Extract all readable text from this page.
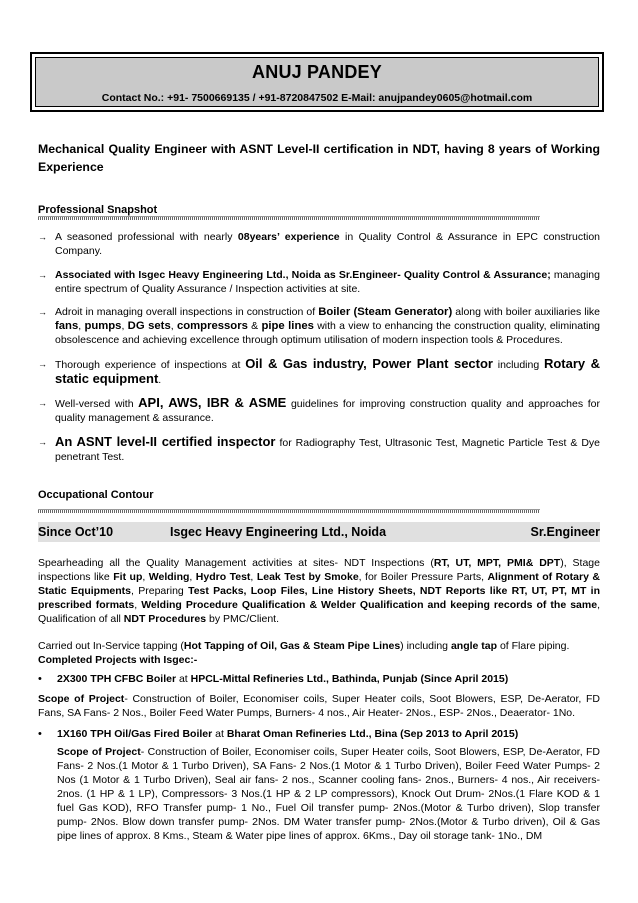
ANUJ PANDEY
Contact No.: +91- 7500669135 / +91-8720847502 E-Mail: anujpandey0605@hotmail.com
Mechanical Quality Engineer with ASNT Level-II certification in NDT, having 8 years of Working Experience
Professional Snapshot
→ A seasoned professional with nearly 08years’ experience in Quality Control & Assurance in EPC construction Company.
→ Associated with Isgec Heavy Engineering Ltd., Noida as Sr.Engineer- Quality Control & Assurance; managing entire spectrum of Quality Assurance / Inspection activities at site.
→ Adroit in managing overall inspections in construction of Boiler (Steam Generator) along with boiler auxiliaries like fans, pumps, DG sets, compressors & pipe lines with a view to enhancing the construction quality, eliminating obsolescence and achieving excellence through optimum utilisation of modern inspection tools & Procedures.
→ Thorough experience of inspections at Oil & Gas industry, Power Plant sector including Rotary & static equipment.
→ Well-versed with API, AWS, IBR & ASME guidelines for improving construction quality and approaches for quality management & assurance.
→ An ASNT level-II certified inspector for Radiography Test, Ultrasonic Test, Magnetic Particle Test & Dye penetrant Test.
Occupational Contour
Since Oct’10	Isgec Heavy Engineering Ltd., Noida	Sr.Engineer
Spearheading all the Quality Management activities at sites- NDT Inspections (RT, UT, MPT, PMI& DPT), Stage inspections like Fit up, Welding, Hydro Test, Leak Test by Smoke, for Boiler Pressure Parts, Alignment of Rotary & Static Equipments, Preparing Test Packs, Loop Files, Line History Sheets, NDT Reports like RT, UT, PT, MT in prescribed formats, Welding Procedure Qualification & Welder Qualification and keeping records of the same, Qualification of all NDT Procedures by PMC/Client.
Carried out In-Service tapping (Hot Tapping of Oil, Gas & Steam Pipe Lines) including angle tap of Flare piping.
Completed Projects with Isgec:-
• 2X300 TPH CFBC Boiler at HPCL-Mittal Refineries Ltd., Bathinda, Punjab (Since April 2015)
Scope of Project- Construction of Boiler, Economiser coils, Super Heater coils, Soot Blowers, ESP, De-Aerator, FD Fans, SA Fans- 2 Nos., Boiler Feed Water Pumps, Burners- 4 nos., Air Heater- 2Nos., ESP- 2Nos., Deaerator- 1No.
• 1X160 TPH Oil/Gas Fired Boiler at Bharat Oman Refineries Ltd., Bina (Sep 2013 to April 2015)
Scope of Project- Construction of Boiler, Economiser coils, Super Heater coils, Soot Blowers, ESP, De-Aerator, FD Fans- 2 Nos.(1 Motor & 1 Turbo Driven), SA Fans- 2 Nos.(1 Motor & 1 Turbo Driven), Boiler Feed Water Pumps- 2 Nos (1 Motor & 1 Turbo Driven), Seal air fans- 2 nos., Scanner cooling fans- 2nos., Burners- 4 nos., Air receivers- 2nos. (1 HP & 1 LP), Compressors- 3 Nos.(1 HP & 2 LP compressors), Knock Out Drum- 2Nos.(1 Flare KOD & 1 fuel Gas KOD), RFO Transfer pump- 1 No., Fuel Oil transfer pump- 2Nos.(Motor & Turbo driven), Slop transfer pump- 2Nos. Blow down transfer pump- 2Nos. DM Water transfer pump- 2Nos.(Motor & Turbo driven), Oil & Gas pipe lines of approx. 8 Kms., Steam & Water pipe lines of approx. 6Kms., Day oil storage tank- 1No., DM
